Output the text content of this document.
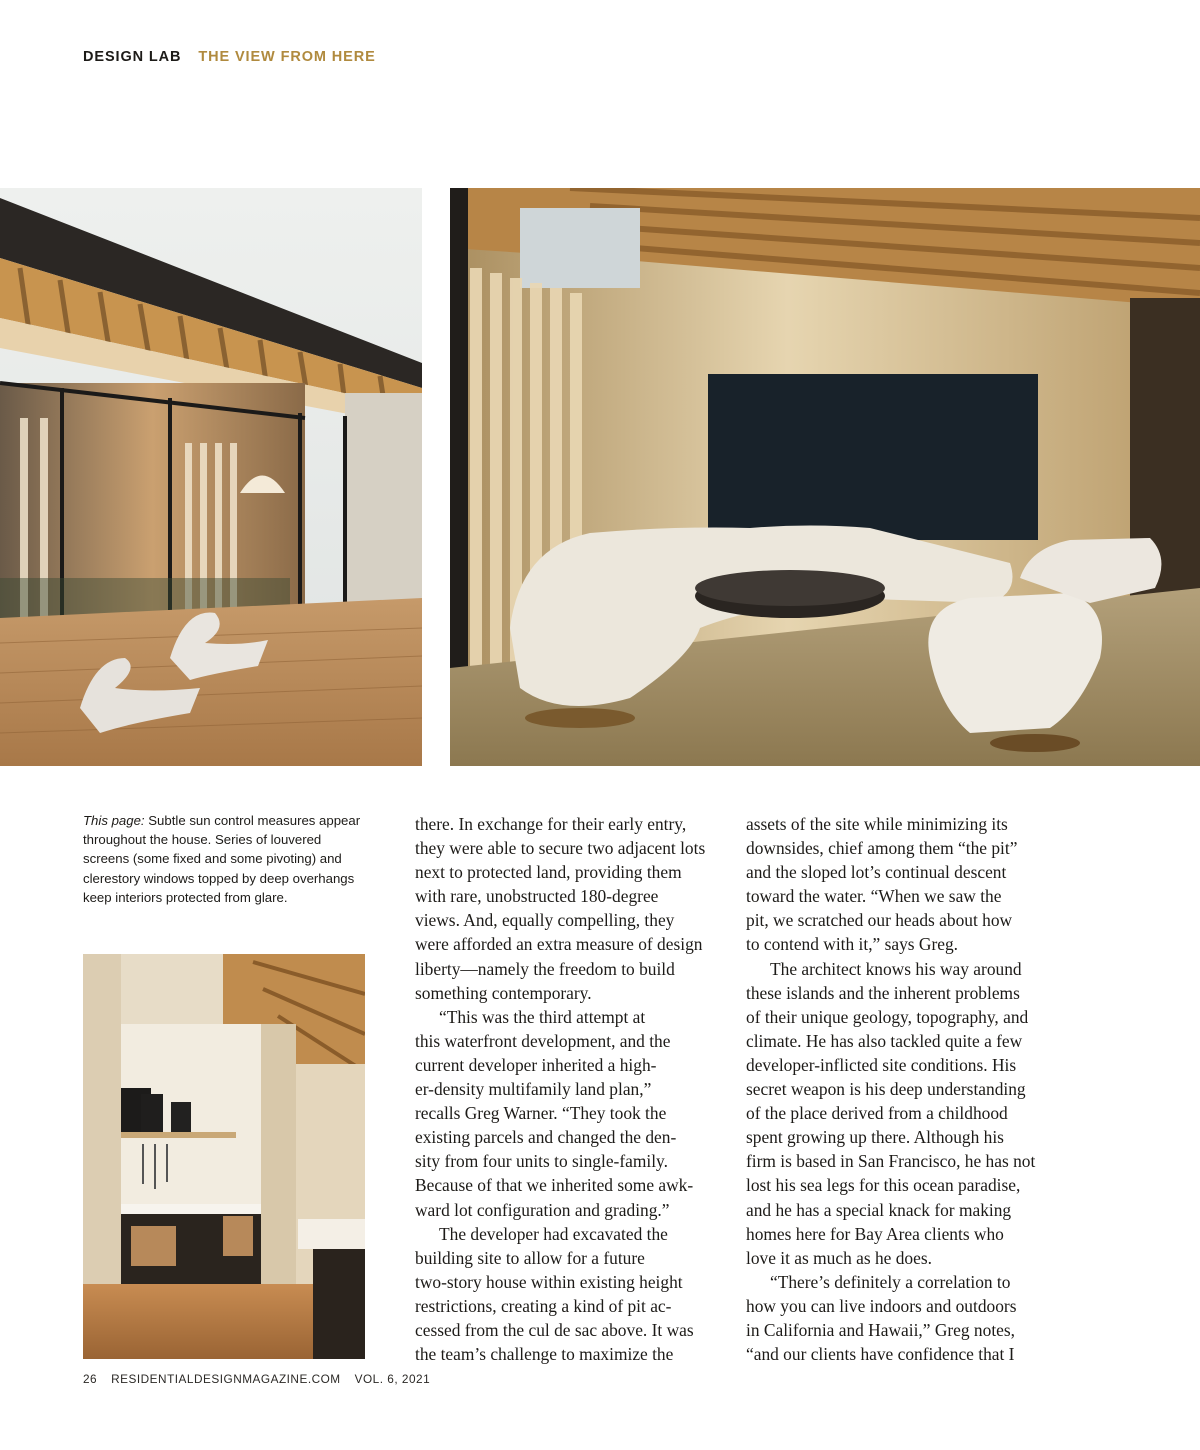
DESIGN LAB THE VIEW FROM HERE
This page: Subtle sun control measures appear throughout the house. Series of louvered screens (some fixed and some pivoting) and clerestory windows topped by deep overhangs keep interiors protected from glare.
there. In exchange for their early entry,
they were able to secure two adjacent lots
next to protected land, providing them
with rare, unobstructed 180-degree
views. And, equally compelling, they
were afforded an extra measure of design
liberty—namely the freedom to build
something contemporary.
“This was the third attempt at
this waterfront development, and the
current developer inherited a high-
er-density multifamily land plan,”
recalls Greg Warner. “They took the
existing parcels and changed the den-
sity from four units to single-family.
Because of that we inherited some awk-
ward lot configuration and grading.”
The developer had excavated the
building site to allow for a future
two-story house within existing height
restrictions, creating a kind of pit ac-
cessed from the cul de sac above. It was
the team’s challenge to maximize the
assets of the site while minimizing its
downsides, chief among them “the pit”
and the sloped lot’s continual descent
toward the water. “When we saw the
pit, we scratched our heads about how
to contend with it,” says Greg.
The architect knows his way around
these islands and the inherent problems
of their unique geology, topography, and
climate. He has also tackled quite a few
developer-inflicted site conditions. His
secret weapon is his deep understanding
of the place derived from a childhood
spent growing up there. Although his
firm is based in San Francisco, he has not
lost his sea legs for this ocean paradise,
and he has a special knack for making
homes here for Bay Area clients who
love it as much as he does.
“There’s definitely a correlation to
how you can live indoors and outdoors
in California and Hawaii,” Greg notes,
“and our clients have confidence that I
26 RESIDENTIALDESIGNMAGAZINE.COM VOL. 6, 2021
